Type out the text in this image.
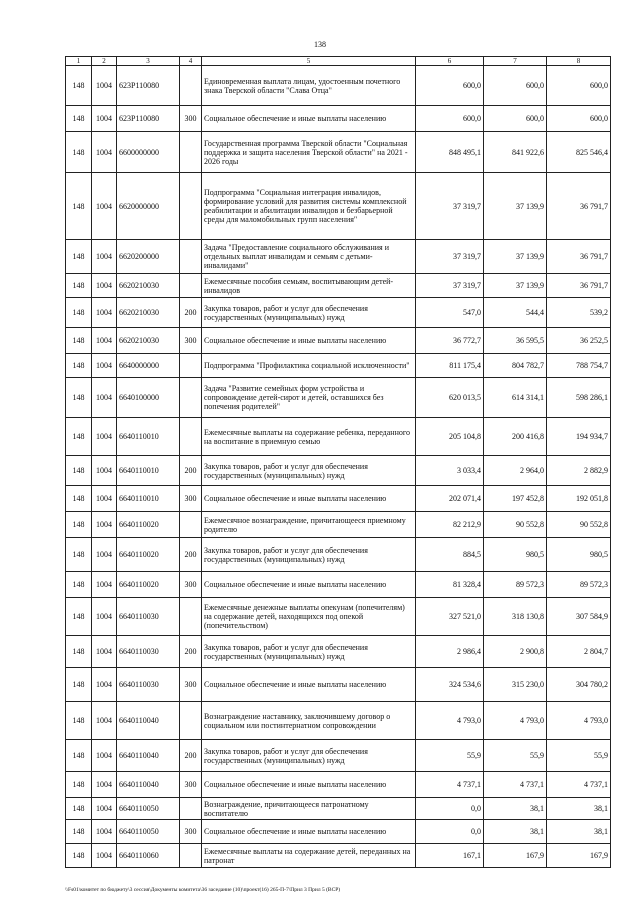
138
1	2	3	4	5	6	7	8
148	1004	623Р110080		Единовременная выплата лицам, удостоенным почетного знака Тверской области "Слава Отца"	600,0	600,0	600,0
148	1004	623Р110080	300	Социальное обеспечение и иные выплаты населению	600,0	600,0	600,0
148	1004	6600000000		Государственная программа Тверской области "Социальная поддержка и защита населения Тверской области" на 2021 - 2026 годы	848 495,1	841 922,6	825 546,4
148	1004	6620000000		Подпрограмма "Социальная интеграция инвалидов, формирование условий для развития системы комплексной реабилитации и абилитации инвалидов и безбарьерной среды для маломобильных групп населения"	37 319,7	37 139,9	36 791,7
148	1004	6620200000		Задача "Предоставление социального обслуживания и отдельных выплат инвалидам и семьям с детьми-инвалидами"	37 319,7	37 139,9	36 791,7
148	1004	6620210030		Ежемесячные пособия семьям, воспитывающим детей-инвалидов	37 319,7	37 139,9	36 791,7
148	1004	6620210030	200	Закупка товаров, работ и услуг для обеспечения государственных (муниципальных) нужд	547,0	544,4	539,2
148	1004	6620210030	300	Социальное обеспечение и иные выплаты населению	36 772,7	36 595,5	36 252,5
148	1004	6640000000		Подпрограмма "Профилактика социальной исключенности"	811 175,4	804 782,7	788 754,7
148	1004	6640100000		Задача "Развитие семейных форм устройства и сопровождение детей-сирот и детей, оставшихся без попечения родителей"	620 013,5	614 314,1	598 286,1
148	1004	6640110010		Ежемесячные выплаты на содержание ребенка, переданного на воспитание в приемную семью	205 104,8	200 416,8	194 934,7
148	1004	6640110010	200	Закупка товаров, работ и услуг для обеспечения государственных (муниципальных) нужд	3 033,4	2 964,0	2 882,9
148	1004	6640110010	300	Социальное обеспечение и иные выплаты населению	202 071,4	197 452,8	192 051,8
148	1004	6640110020		Ежемесячное вознаграждение, причитающееся приемному родителю	82 212,9	90 552,8	90 552,8
148	1004	6640110020	200	Закупка товаров, работ и услуг для обеспечения государственных (муниципальных) нужд	884,5	980,5	980,5
148	1004	6640110020	300	Социальное обеспечение и иные выплаты населению	81 328,4	89 572,3	89 572,3
148	1004	6640110030		Ежемесячные денежные выплаты опекунам (попечителям) на содержание детей, находящихся под опекой (попечительством)	327 521,0	318 130,8	307 584,9
148	1004	6640110030	200	Закупка товаров, работ и услуг для обеспечения государственных (муниципальных) нужд	2 986,4	2 900,8	2 804,7
148	1004	6640110030	300	Социальное обеспечение и иные выплаты населению	324 534,6	315 230,0	304 780,2
148	1004	6640110040		Вознаграждение наставнику, заключившему договор о социальном или постинтернатном сопровождении	4 793,0	4 793,0	4 793,0
148	1004	6640110040	200	Закупка товаров, работ и услуг для обеспечения государственных (муниципальных) нужд	55,9	55,9	55,9
148	1004	6640110040	300	Социальное обеспечение и иные выплаты населению	4 737,1	4 737,1	4 737,1
148	1004	6640110050		Вознаграждение, причитающееся патронатному воспитателю	0,0	38,1	38,1
148	1004	6640110050	300	Социальное обеспечение и иные выплаты населению	0,0	38,1	38,1
148	1004	6640110060		Ежемесячные выплаты на содержание детей, переданных на патронат	167,1	167,9	167,9
\\Fs01\комитет по бюджету\3 сессия\Документы комитета\36 заседание (10)\проект(16) 265-П-7\Прил 3 Прил 5 (ВСР)
